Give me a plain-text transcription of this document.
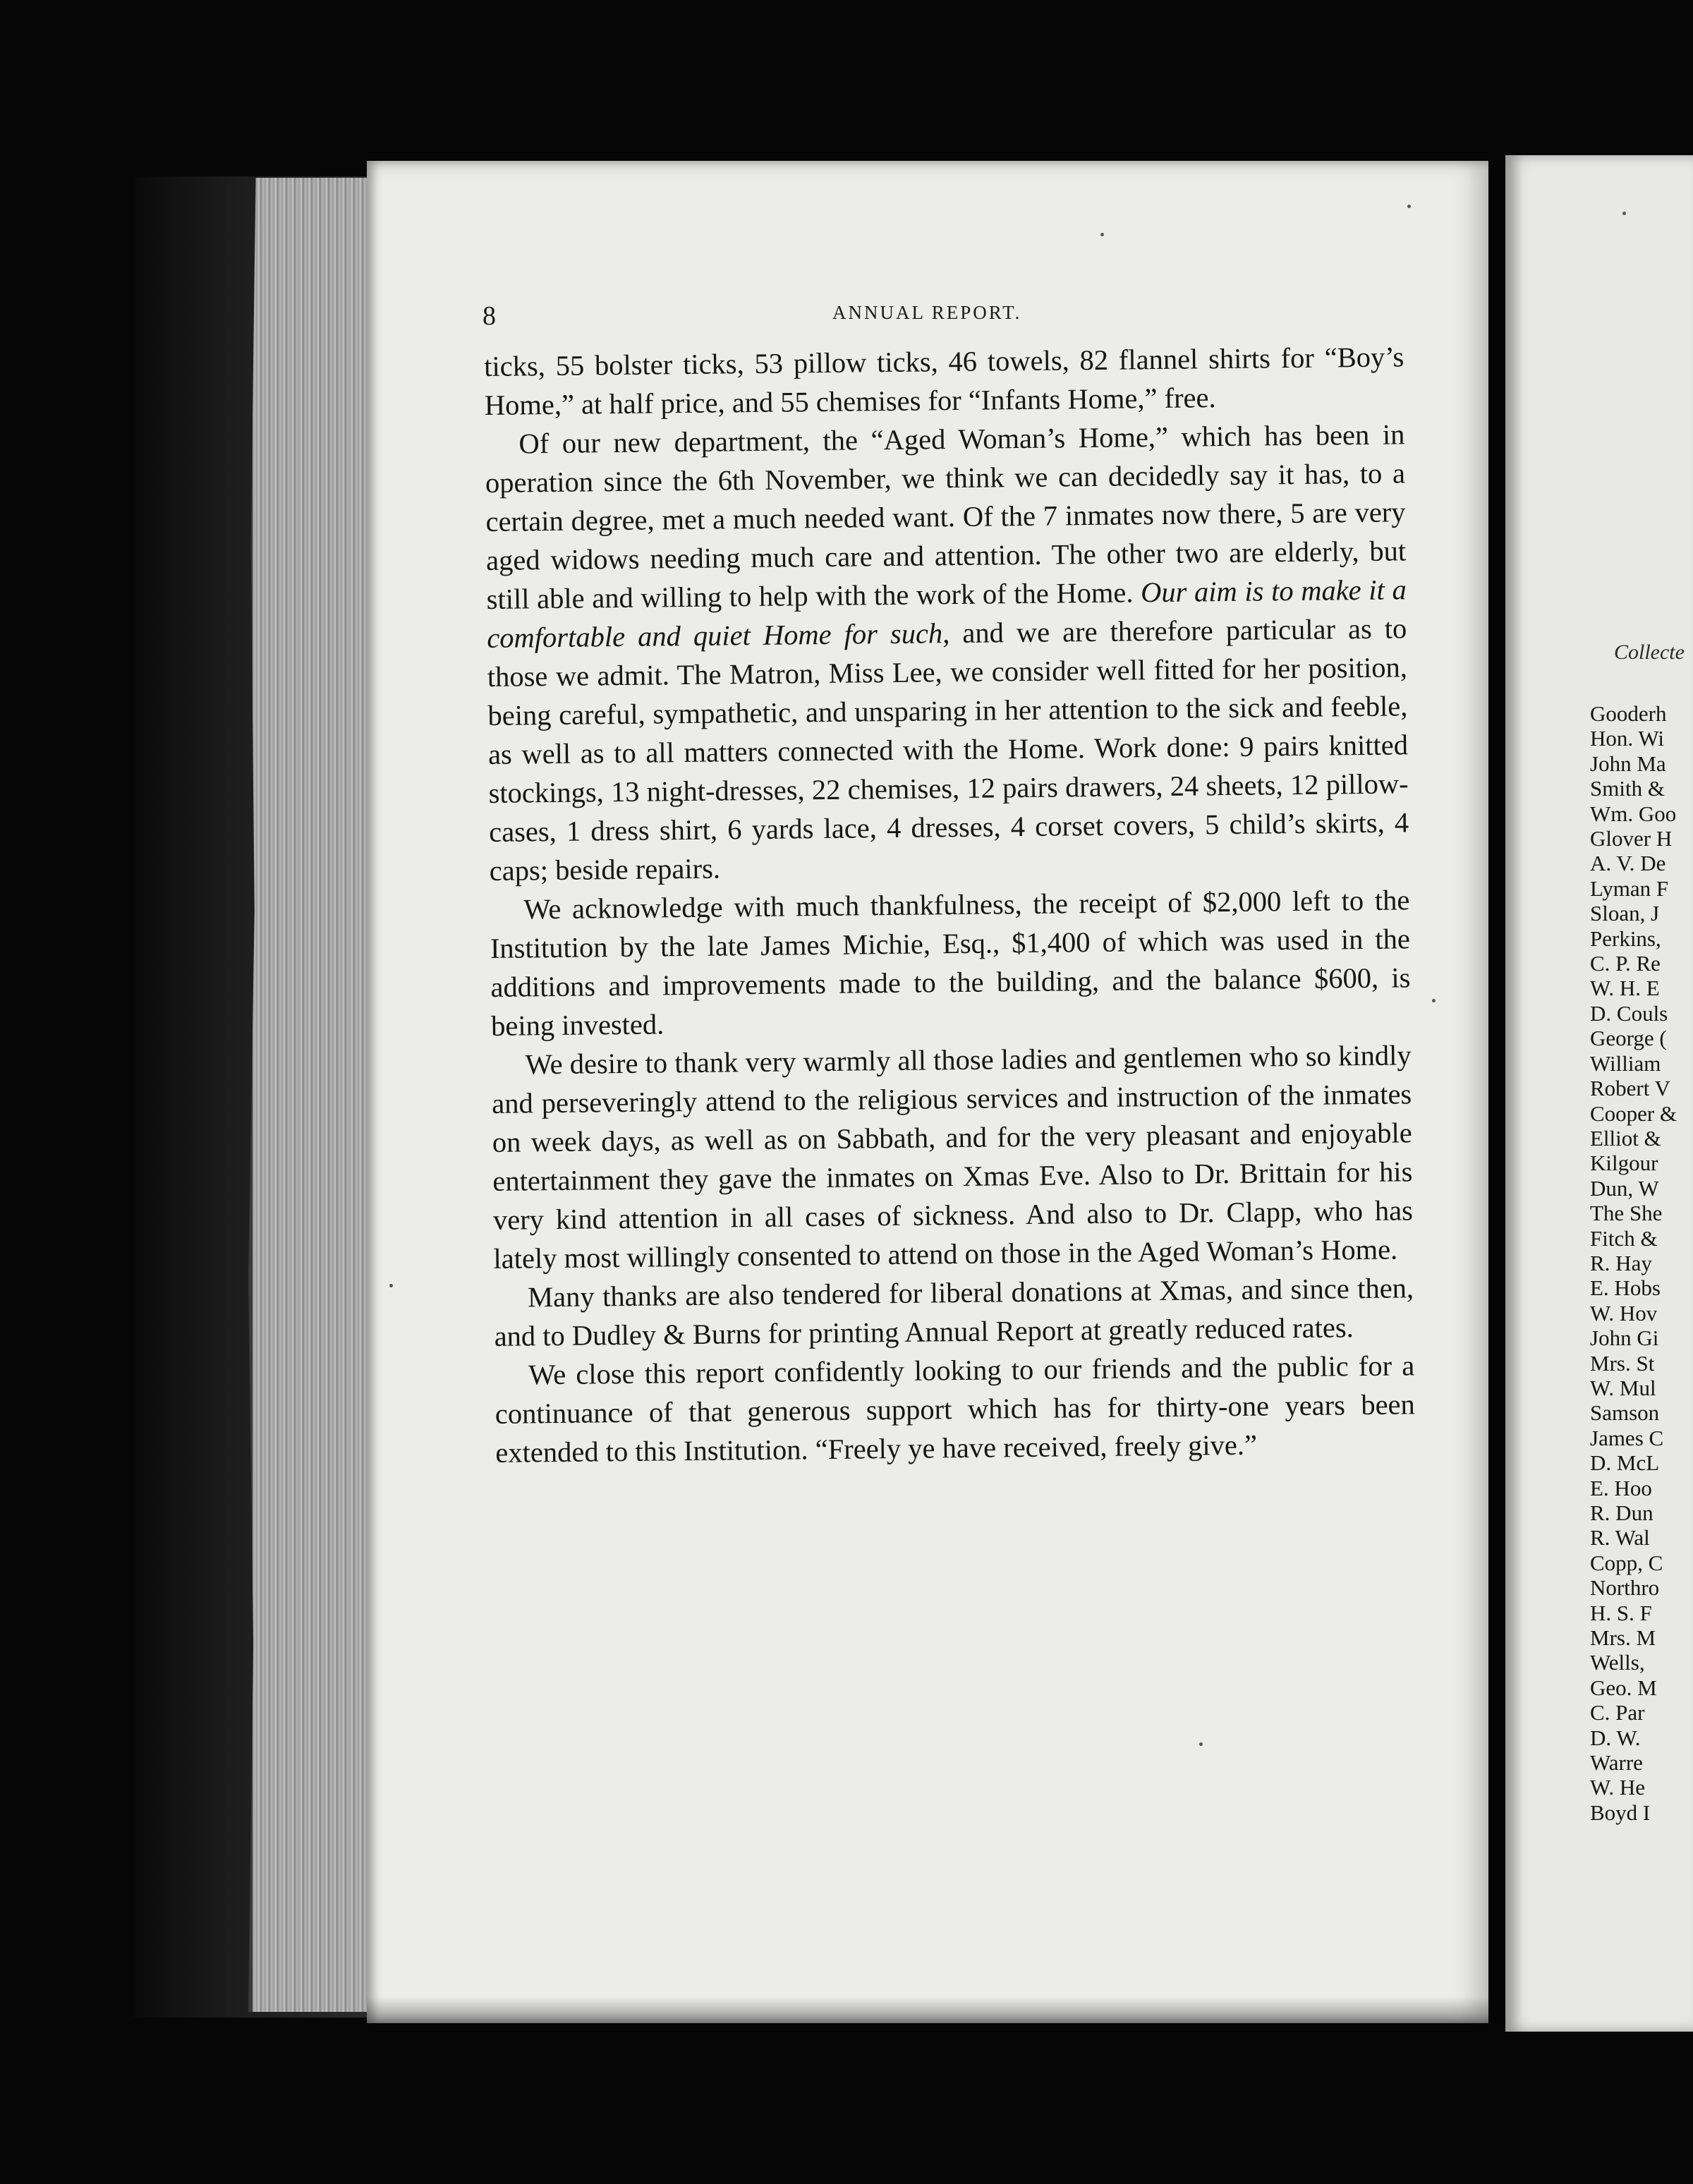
8	ANNUAL REPORT.

ticks, 55 bolster ticks, 53 pillow ticks, 46 towels, 82 flannel shirts for “Boy’s Home,” at half price, and 55 chemises for “Infants Home,” free.

Of our new department, the “Aged Woman’s Home,” which has been in operation since the 6th November, we think we can decidedly say it has, to a certain degree, met a much needed want. Of the 7 inmates now there, 5 are very aged widows needing much care and attention. The other two are elderly, but still able and willing to help with the work of the Home. Our aim is to make it a comfortable and quiet Home for such, and we are therefore particular as to those we admit. The Matron, Miss Lee, we consider well fitted for her position, being careful, sympathetic, and unsparing in her attention to the sick and feeble, as well as to all matters connected with the Home. Work done: 9 pairs knitted stockings, 13 night-dresses, 22 chemises, 12 pairs drawers, 24 sheets, 12 pillow-cases, 1 dress shirt, 6 yards lace, 4 dresses, 4 corset covers, 5 child’s skirts, 4 caps; beside repairs.

We acknowledge with much thankfulness, the receipt of $2,000 left to the Institution by the late James Michie, Esq., $1,400 of which was used in the additions and improvements made to the building, and the balance $600, is being invested.

We desire to thank very warmly all those ladies and gentlemen who so kindly and perseveringly attend to the religious services and instruction of the inmates on week days, as well as on Sabbath, and for the very pleasant and enjoyable entertainment they gave the inmates on Xmas Eve. Also to Dr. Brittain for his very kind attention in all cases of sickness. And also to Dr. Clapp, who has lately most willingly consented to attend on those in the Aged Woman’s Home.

Many thanks are also tendered for liberal donations at Xmas, and since then, and to Dudley & Burns for printing Annual Report at greatly reduced rates.

We close this report confidently looking to our friends and the public for a continuance of that generous support which has for thirty-one years been extended to this Institution. “Freely ye have received, freely give.”

Collecte
Gooderh
Hon. Wi
John Ma
Smith &
Wm. Goo
Glover H
A. V. De
Lyman F
Sloan, J
Perkins,
C. P. Re
W. H. E
D. Couls
George (
William
Robert V
Cooper &
Elliot &
Kilgour
Dun, W
The She
Fitch &
R. Hay
E. Hobs
W. Hov
John Gi
Mrs. St
W. Mul
Samson
James C
D. McL
E. Hoo
R. Dun
R. Wal
Copp, C
Northro
H. S. F
Mrs. M
Wells,
Geo. M
C. Par
D. W.
Warre
W. He
Boyd I
